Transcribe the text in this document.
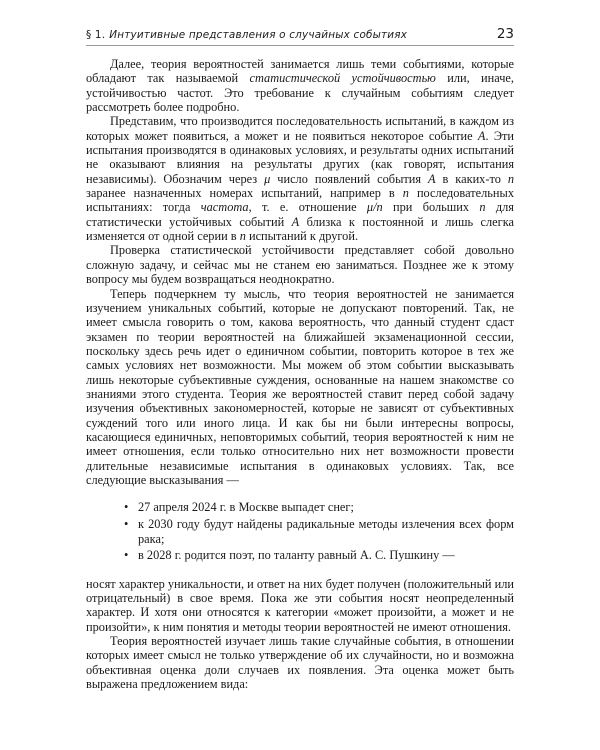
§ 1. Интуитивные представления о случайных событиях	23

Далее, теория вероятностей занимается лишь теми событиями, которые обладают так называемой статистической устойчивостью или, иначе, устойчивостью частот. Это требование к случайным событиям следует рассмотреть более подробно.

Представим, что производится последовательность испытаний, в каждом из которых может появиться, а может и не появиться некоторое событие A. Эти испытания производятся в одинаковых условиях, и результаты одних испытаний не оказывают влияния на результаты других (как говорят, испытания независимы). Обозначим через μ число появлений события A в каких-то n заранее назначенных номерах испытаний, например в n последовательных испытаниях: тогда частота, т. е. отношение μ/n при больших n для статистически устойчивых событий A близка к постоянной и лишь слегка изменяется от одной серии в n испытаний к другой.

Проверка статистической устойчивости представляет собой довольно сложную задачу, и сейчас мы не станем ею заниматься. Позднее же к этому вопросу мы будем возвращаться неоднократно.

Теперь подчеркнем ту мысль, что теория вероятностей не занимается изучением уникальных событий, которые не допускают повторений. Так, не имеет смысла говорить о том, какова вероятность, что данный студент сдаст экзамен по теории вероятностей на ближайшей экзаменационной сессии, поскольку здесь речь идет о единичном событии, повторить которое в тех же самых условиях нет возможности. Мы можем об этом событии высказывать лишь некоторые субъективные суждения, основанные на нашем знакомстве со знаниями этого студента. Теория же вероятностей ставит перед собой задачу изучения объективных закономерностей, которые не зависят от субъективных суждений того или иного лица. И как бы ни были интересны вопросы, касающиеся единичных, неповторимых событий, теория вероятностей к ним не имеет отношения, если только относительно них нет возможности провести длительные независимые испытания в одинаковых условиях. Так, все следующие высказывания —

• 27 апреля 2024 г. в Москве выпадет снег;
• к 2030 году будут найдены радикальные методы излечения всех форм рака;
• в 2028 г. родится поэт, по таланту равный А. С. Пушкину —

носят характер уникальности, и ответ на них будет получен (положительный или отрицательный) в свое время. Пока же эти события носят неопределенный характер. И хотя они относятся к категории «может произойти, а может и не произойти», к ним понятия и методы теории вероятностей не имеют отношения.

Теория вероятностей изучает лишь такие случайные события, в отношении которых имеет смысл не только утверждение об их случайности, но и возможна объективная оценка доли случаев их появления. Эта оценка может быть выражена предложением вида:
